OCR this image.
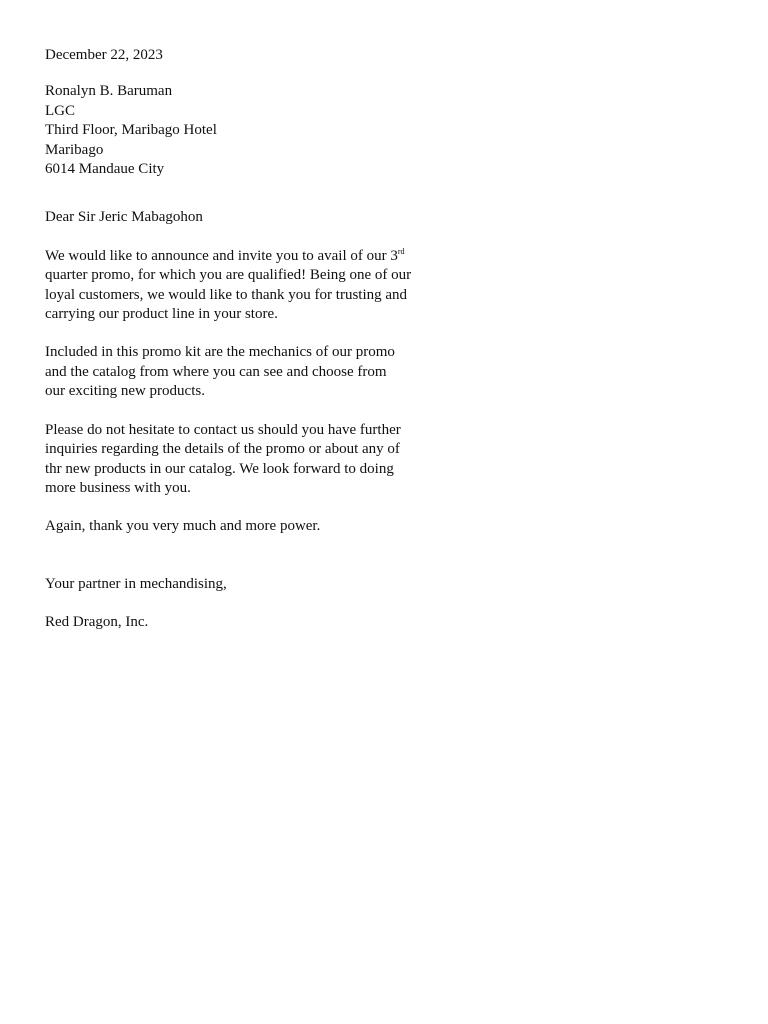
December 22, 2023

Ronalyn B. Baruman
LGC
Third Floor, Maribago Hotel
Maribago
6014 Mandaue City

Dear Sir Jeric Mabagohon

We would like to announce and invite you to avail of our 3rd
quarter promo, for which you are qualified! Being one of our
loyal customers, we would like to thank you for trusting and
carrying our product line in your store.

Included in this promo kit are the mechanics of our promo
and the catalog from where you can see and choose from
our exciting new products.

Please do not hesitate to contact us should you have further
inquiries regarding the details of the promo or about any of
thr new products in our catalog. We look forward to doing
more business with you.

Again, thank you very much and more power.

Your partner in mechandising,

Red Dragon, Inc.
